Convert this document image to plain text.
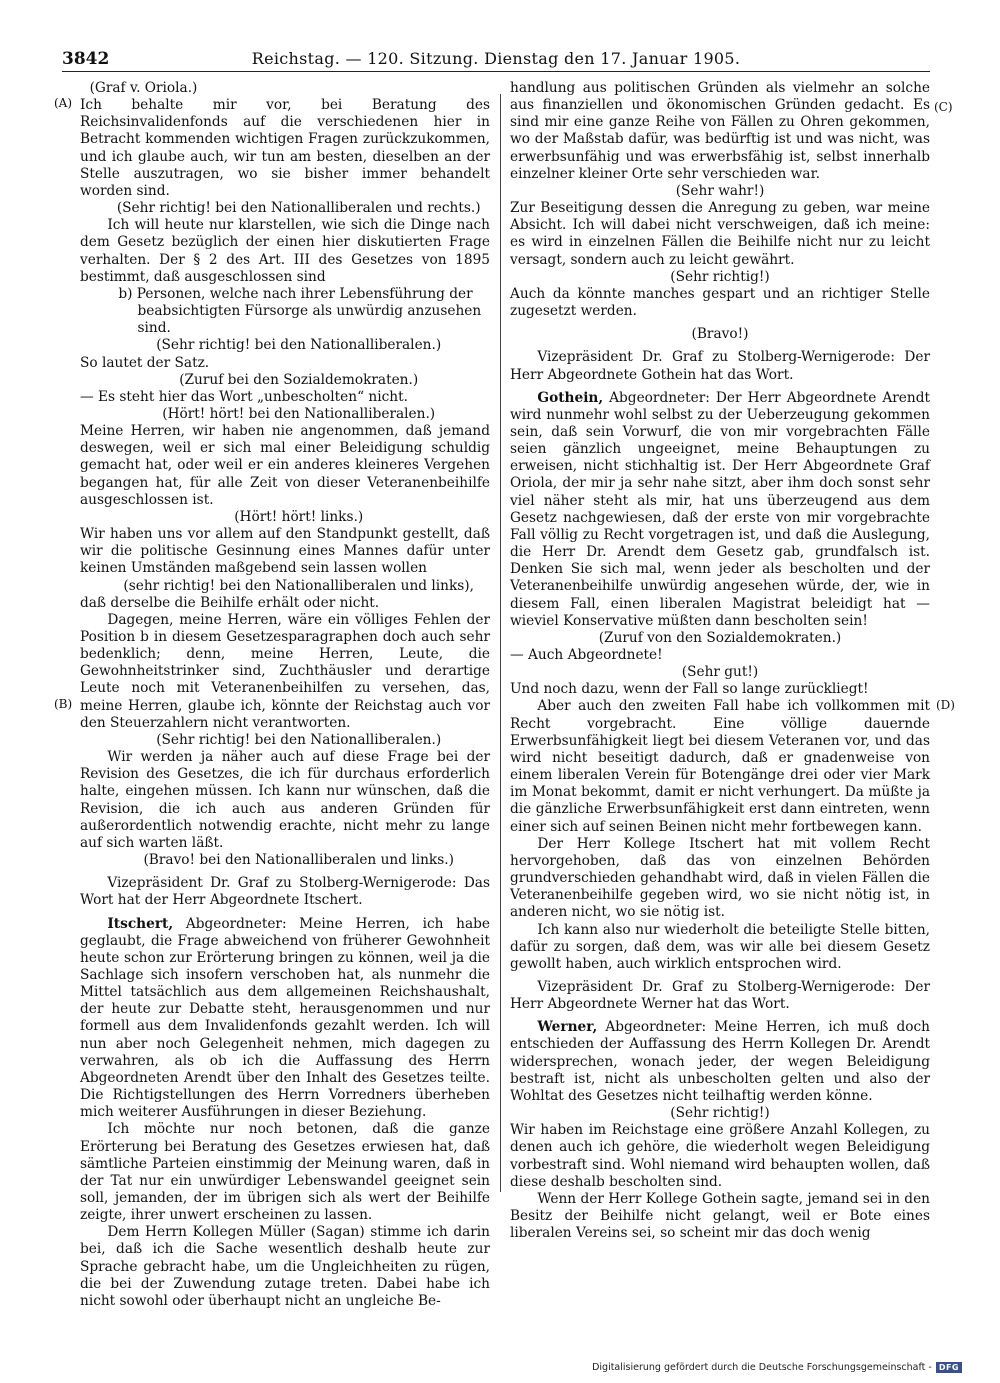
3842	Reichstag. — 120. Sitzung. Dienstag den 17. Januar 1905.
(A)
(B)
(C)
(D)

(Graf v. Oriola.)

Ich behalte mir vor, bei Beratung des Reichsinvalidenfonds auf die verschiedenen hier in Betracht kommenden wichtigen Fragen zurückzukommen, und ich glaube auch, wir tun am besten, dieselben an der Stelle auszutragen, wo sie bisher immer behandelt worden sind.

(Sehr richtig! bei den Nationalliberalen und rechts.)

Ich will heute nur klarstellen, wie sich die Dinge nach dem Gesetz bezüglich der einen hier diskutierten Frage verhalten. Der § 2 des Art. III des Gesetzes von 1895 bestimmt, daß ausgeschlossen sind

b) Personen, welche nach ihrer Lebensführung der beabsichtigten Fürsorge als unwürdig anzusehen sind.

(Sehr richtig! bei den Nationalliberalen.)

So lautet der Satz.

(Zuruf bei den Sozialdemokraten.)

— Es steht hier das Wort „unbescholten“ nicht.

(Hört! hört! bei den Nationalliberalen.)

Meine Herren, wir haben nie angenommen, daß jemand deswegen, weil er sich mal einer Beleidigung schuldig gemacht hat, oder weil er ein anderes kleineres Vergehen begangen hat, für alle Zeit von dieser Veteranenbeihilfe ausgeschlossen ist.

(Hört! hört! links.)

Wir haben uns vor allem auf den Standpunkt gestellt, daß wir die politische Gesinnung eines Mannes dafür unter keinen Umständen maßgebend sein lassen wollen

(sehr richtig! bei den Nationalliberalen und links),

daß derselbe die Beihilfe erhält oder nicht.

Dagegen, meine Herren, wäre ein völliges Fehlen der Position b in diesem Gesetzesparagraphen doch auch sehr bedenklich; denn, meine Herren, Leute, die Gewohnheitstrinker sind, Zuchthäusler und derartige Leute noch mit Veteranenbeihilfen zu versehen, das, meine Herren, glaube ich, könnte der Reichstag auch vor den Steuerzahlern nicht verantworten.

(Sehr richtig! bei den Nationalliberalen.)

Wir werden ja näher auch auf diese Frage bei der Revision des Gesetzes, die ich für durchaus erforderlich halte, eingehen müssen. Ich kann nur wünschen, daß die Revision, die ich auch aus anderen Gründen für außerordentlich notwendig erachte, nicht mehr zu lange auf sich warten läßt.

(Bravo! bei den Nationalliberalen und links.)

Vizepräsident Dr. Graf zu Stolberg-Wernigerode: Das Wort hat der Herr Abgeordnete Itschert.

Itschert, Abgeordneter: Meine Herren, ich habe geglaubt, die Frage abweichend von früherer Gewohnheit heute schon zur Erörterung bringen zu können, weil ja die Sachlage sich insofern verschoben hat, als nunmehr die Mittel tatsächlich aus dem allgemeinen Reichshaushalt, der heute zur Debatte steht, herausgenommen und nur formell aus dem Invalidenfonds gezahlt werden. Ich will nun aber noch Gelegenheit nehmen, mich dagegen zu verwahren, als ob ich die Auffassung des Herrn Abgeordneten Arendt über den Inhalt des Gesetzes teilte. Die Richtigstellungen des Herrn Vorredners überheben mich weiterer Ausführungen in dieser Beziehung.

Ich möchte nur noch betonen, daß die ganze Erörterung bei Beratung des Gesetzes erwiesen hat, daß sämtliche Parteien einstimmig der Meinung waren, daß in der Tat nur ein unwürdiger Lebenswandel geeignet sein soll, jemanden, der im übrigen sich als wert der Beihilfe zeigte, ihrer unwert erscheinen zu lassen.

Dem Herrn Kollegen Müller (Sagan) stimme ich darin bei, daß ich die Sache wesentlich deshalb heute zur Sprache gebracht habe, um die Ungleichheiten zu rügen, die bei der Zuwendung zutage treten. Dabei habe ich nicht sowohl oder überhaupt nicht an ungleiche Be-

handlung aus politischen Gründen als vielmehr an solche aus finanziellen und ökonomischen Gründen gedacht. Es sind mir eine ganze Reihe von Fällen zu Ohren gekommen, wo der Maßstab dafür, was bedürftig ist und was nicht, was erwerbsunfähig und was erwerbsfähig ist, selbst innerhalb einzelner kleiner Orte sehr verschieden war.

(Sehr wahr!)

Zur Beseitigung dessen die Anregung zu geben, war meine Absicht. Ich will dabei nicht verschweigen, daß ich meine: es wird in einzelnen Fällen die Beihilfe nicht nur zu leicht versagt, sondern auch zu leicht gewährt.

(Sehr richtig!)

Auch da könnte manches gespart und an richtiger Stelle zugesetzt werden.

(Bravo!)

Vizepräsident Dr. Graf zu Stolberg-Wernigerode: Der Herr Abgeordnete Gothein hat das Wort.

Gothein, Abgeordneter: Der Herr Abgeordnete Arendt wird nunmehr wohl selbst zu der Ueberzeugung gekommen sein, daß sein Vorwurf, die von mir vorgebrachten Fälle seien gänzlich ungeeignet, meine Behauptungen zu erweisen, nicht stichhaltig ist. Der Herr Abgeordnete Graf Oriola, der mir ja sehr nahe sitzt, aber ihm doch sonst sehr viel näher steht als mir, hat uns überzeugend aus dem Gesetz nachgewiesen, daß der erste von mir vorgebrachte Fall völlig zu Recht vorgetragen ist, und daß die Auslegung, die Herr Dr. Arendt dem Gesetz gab, grundfalsch ist. Denken Sie sich mal, wenn jeder als bescholten und der Veteranenbeihilfe unwürdig angesehen würde, der, wie in diesem Fall, einen liberalen Magistrat beleidigt hat — wieviel Konservative müßten dann bescholten sein!

(Zuruf von den Sozialdemokraten.)

— Auch Abgeordnete!

(Sehr gut!)

Und noch dazu, wenn der Fall so lange zurückliegt!

Aber auch den zweiten Fall habe ich vollkommen mit Recht vorgebracht. Eine völlige dauernde Erwerbsunfähigkeit liegt bei diesem Veteranen vor, und das wird nicht beseitigt dadurch, daß er gnadenweise von einem liberalen Verein für Botengänge drei oder vier Mark im Monat bekommt, damit er nicht verhungert. Da müßte ja die gänzliche Erwerbsunfähigkeit erst dann eintreten, wenn einer sich auf seinen Beinen nicht mehr fortbewegen kann.

Der Herr Kollege Itschert hat mit vollem Recht hervorgehoben, daß das von einzelnen Behörden grundverschieden gehandhabt wird, daß in vielen Fällen die Veteranenbeihilfe gegeben wird, wo sie nicht nötig ist, in anderen nicht, wo sie nötig ist.

Ich kann also nur wiederholt die beteiligte Stelle bitten, dafür zu sorgen, daß dem, was wir alle bei diesem Gesetz gewollt haben, auch wirklich entsprochen wird.

Vizepräsident Dr. Graf zu Stolberg-Wernigerode: Der Herr Abgeordnete Werner hat das Wort.

Werner, Abgeordneter: Meine Herren, ich muß doch entschieden der Auffassung des Herrn Kollegen Dr. Arendt widersprechen, wonach jeder, der wegen Beleidigung bestraft ist, nicht als unbescholten gelten und also der Wohltat des Gesetzes nicht teilhaftig werden könne.

(Sehr richtig!)

Wir haben im Reichstage eine größere Anzahl Kollegen, zu denen auch ich gehöre, die wiederholt wegen Beleidigung vorbestraft sind. Wohl niemand wird behaupten wollen, daß diese deshalb bescholten sind.

Wenn der Herr Kollege Gothein sagte, jemand sei in den Besitz der Beihilfe nicht gelangt, weil er Bote eines liberalen Vereins sei, so scheint mir das doch wenig

Digitalisierung gefördert durch die Deutsche Forschungsgemeinschaft - DFG
